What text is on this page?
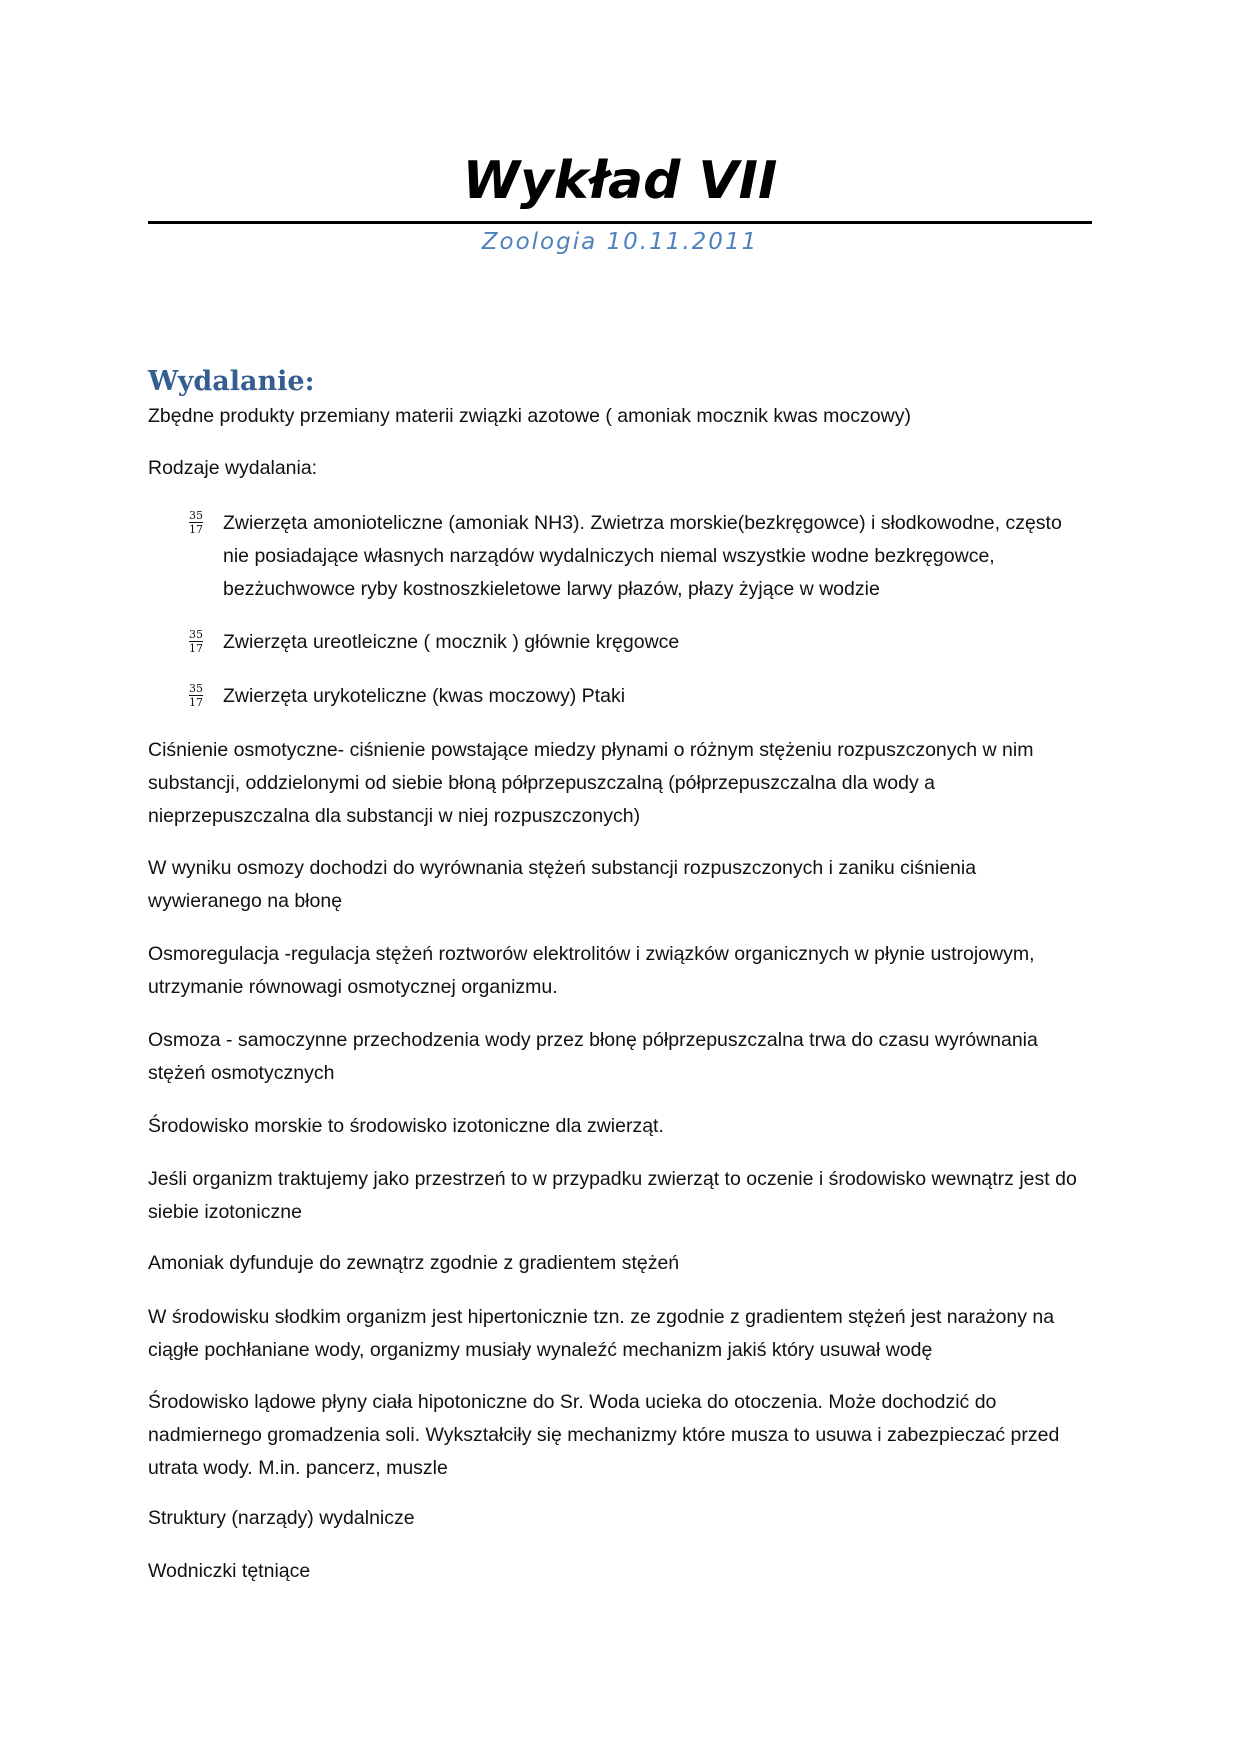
Wykład VII
Zoologia 10.11.2011
Wydalanie:

Zbędne produkty przemiany materii związki azotowe ( amoniak mocznik kwas moczowy)

Rodzaje wydalania:

35
17 Zwierzęta amonioteliczne (amoniak NH3). Zwietrza morskie(bezkręgowce) i słodkowodne, często nie posiadające własnych narządów wydalniczych niemal wszystkie wodne bezkręgowce, bezżuchwowce ryby kostnoszkieletowe larwy płazów, płazy żyjące w wodzie

35
17 Zwierzęta ureotleiczne ( mocznik ) głównie kręgowce

35
17 Zwierzęta urykoteliczne (kwas moczowy) Ptaki

Ciśnienie osmotyczne- ciśnienie powstające miedzy płynami o różnym stężeniu rozpuszczonych w nim substancji, oddzielonymi od siebie błoną półprzepuszczalną (półprzepuszczalna dla wody a nieprzepuszczalna dla substancji w niej rozpuszczonych)

W wyniku osmozy dochodzi do wyrównania stężeń substancji rozpuszczonych i zaniku ciśnienia wywieranego na błonę

Osmoregulacja -regulacja stężeń roztworów elektrolitów i związków organicznych w płynie ustrojowym, utrzymanie równowagi osmotycznej organizmu.

Osmoza - samoczynne przechodzenia wody przez błonę półprzepuszczalna trwa do czasu wyrównania stężeń osmotycznych

Środowisko morskie to środowisko izotoniczne dla zwierząt.

Jeśli organizm traktujemy jako przestrzeń to w przypadku zwierząt to oczenie i środowisko wewnątrz jest do siebie izotoniczne

Amoniak dyfunduje do zewnątrz zgodnie z gradientem stężeń

W środowisku słodkim organizm jest hipertonicznie tzn. ze zgodnie z gradientem stężeń jest narażony na ciągłe pochłaniane wody, organizmy musiały wynaleźć mechanizm jakiś który usuwał wodę

Środowisko lądowe płyny ciała hipotoniczne do Sr. Woda ucieka do otoczenia. Może dochodzić do nadmiernego gromadzenia soli. Wykształciły się mechanizmy które musza to usuwa i zabezpieczać przed utrata wody. M.in. pancerz, muszle

Struktury (narządy) wydalnicze

Wodniczki tętniące
